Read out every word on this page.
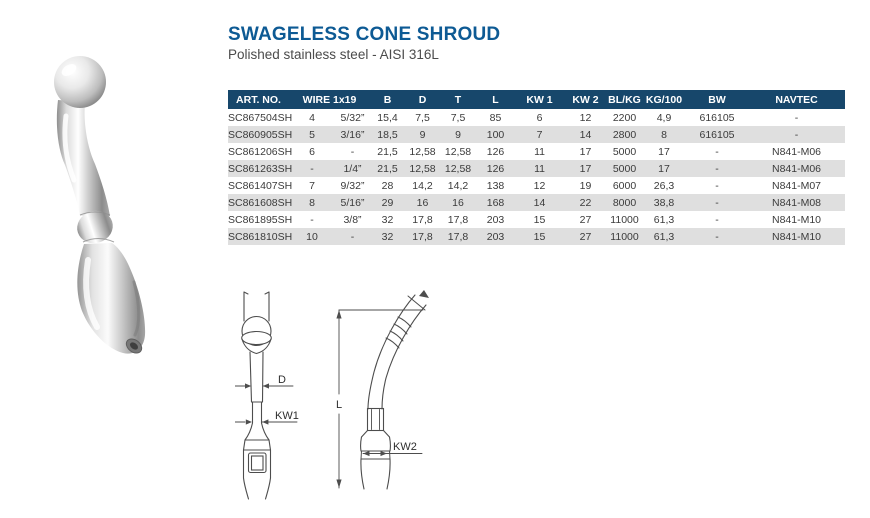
SWAGELESS CONE SHROUD
Polished stainless steel - AISI 316L
ART. NO.	WIRE 1x19		B	D	T	L	KW 1	KW 2	BL/KG	KG/100	BW	NAVTEC
SC867504SH	4	5/32”	15,4	7,5	7,5	85	6	12	2200	4,9	616105	-
SC860905SH	5	3/16”	18,5	9	9	100	7	14	2800	8	616105	-
SC861206SH	6	-	21,5	12,58	12,58	126	11	17	5000	17	-	N841-M06
SC861263SH	-	1/4”	21,5	12,58	12,58	126	11	17	5000	17	-	N841-M06
SC861407SH	7	9/32”	28	14,2	14,2	138	12	19	6000	26,3	-	N841-M07
SC861608SH	8	5/16”	29	16	16	168	14	22	8000	38,8	-	N841-M08
SC861895SH	-	3/8”	32	17,8	17,8	203	15	27	11000	61,3	-	N841-M10
SC861810SH	10	-	32	17,8	17,8	203	15	27	11000	61,3	-	N841-M10
D
KW1
L
KW2
